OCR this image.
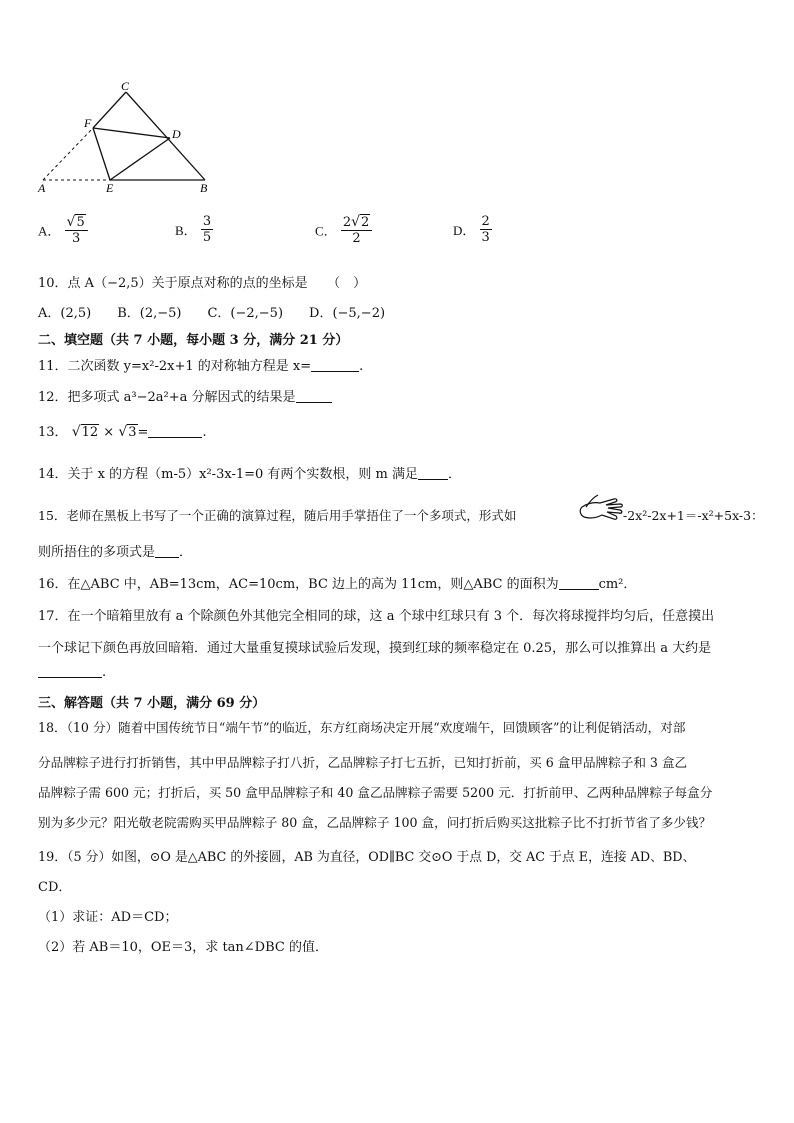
C
F
D
A	E	B
A． $\frac{√ 5}{3}$	B． $\frac{3}{5}$	C． $\frac{2 √ 2}{2}$	D． $\frac{2}{3}$
10．点 A（−2,5）关于原点对称的点的坐标是　　（　）
A．(2,5)　　B．(2,−5)　　C．(−2,−5)　　D．(−5,−2)
二、填空题（共 7 小题，每小题 3 分，满分 21 分）
11．二次函数 y=x²-2x+1 的对称轴方程是 x=	.
12．把多项式 a³−2a²+a 分解因式的结果是
13． √ 12 × √ 3 =	.
14．关于 x 的方程（m-5）x²-3x-1=0 有两个实数根，则 m 满足 ．
15．老师在黑板上书写了一个正确的演算过程，随后用手掌捂住了一个多项式，形式如	-2x²-2x+1＝-x²+5x-3：
则所捂住的多项式是 ．
16．在△ABC 中，AB=13cm，AC=10cm，BC 边上的高为 11cm，则△ABC 的面积为	cm²．
17．在一个暗箱里放有 a 个除颜色外其他完全相同的球，这 a 个球中红球只有 3 个．每次将球搅拌均匀后，任意摸出
一个球记下颜色再放回暗箱．通过大量重复摸球试验后发现，摸到红球的频率稳定在 0.25，那么可以推算出 a 大约是
.
三、解答题（共 7 小题，满分 69 分）
18．（10 分）随着中国传统节日“端午节”的临近，东方红商场决定开展“欢度端午，回馈顾客”的让利促销活动，对部
分品牌粽子进行打折销售，其中甲品牌粽子打八折，乙品牌粽子打七五折，已知打折前，买 6 盒甲品牌粽子和 3 盒乙
品牌粽子需 600 元；打折后，买 50 盒甲品牌粽子和 40 盒乙品牌粽子需要 5200 元．打折前甲、乙两种品牌粽子每盒分
别为多少元？阳光敬老院需购买甲品牌粽子 80 盒，乙品牌粽子 100 盒，问打折后购买这批粽子比不打折节省了多少钱？
19．（5 分）如图，⊙O 是△ABC 的外接圆，AB 为直径，OD∥BC 交⊙O 于点 D，交 AC 于点 E，连接 AD、BD、
CD．
（1）求证：AD＝CD；
（2）若 AB＝10，OE＝3，求 tan∠DBC 的值．
